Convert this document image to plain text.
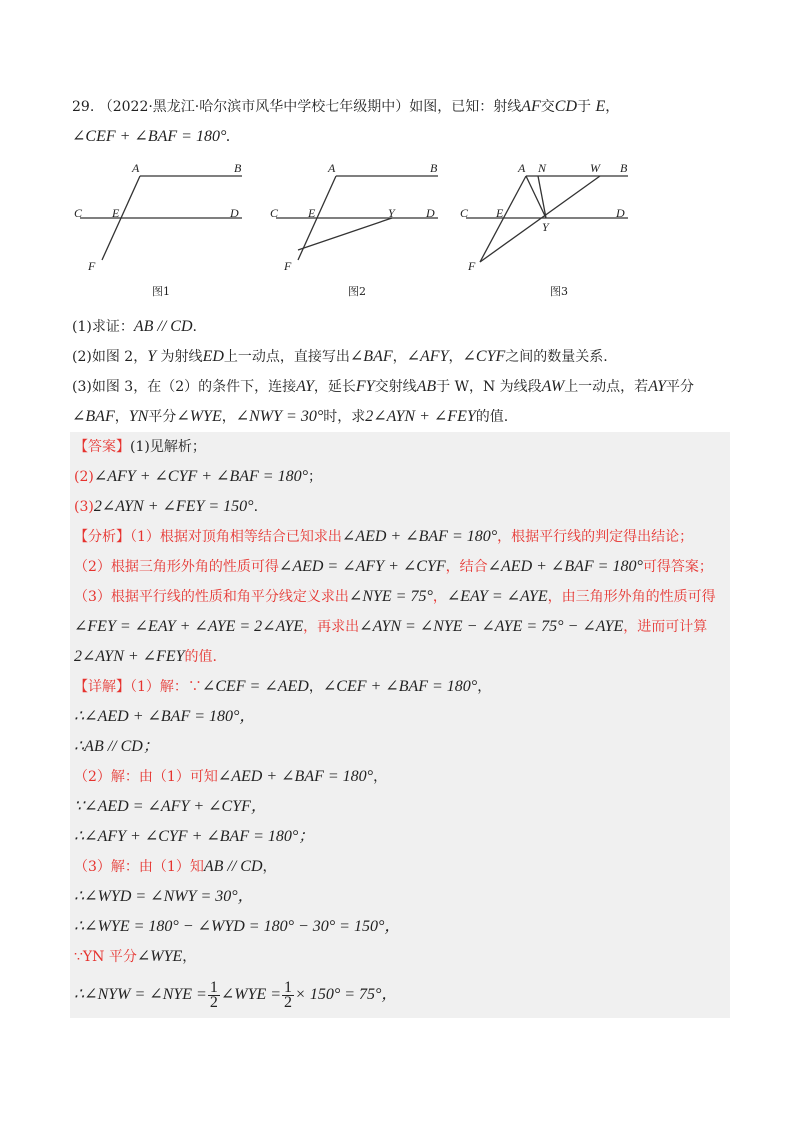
29. （2022·黑龙江·哈尔滨市风华中学校七年级期中）如图，已知：射线AF交CD于 E，
∠CEF + ∠BAF = 180°.
A	B
C E	D
F
图1
A	B
C E	Y	D
F
图2
A N	W B
C E
Y
D
F
图3
(1)求证：AB // CD.
(2)如图 2，Y 为射线ED上一动点，直接写出∠BAF，∠AFY，∠CYF之间的数量关系.
(3)如图 3，在（2）的条件下，连接AY，延长FY交射线AB于 W，N 为线段AW上一动点，若AY平分
∠BAF，YN平分∠WYE，∠NWY = 30°时，求2∠AYN + ∠FEY的值.
【答案】(1)见解析；
(2)∠AFY + ∠CYF + ∠BAF = 180°；
(3)2∠AYN + ∠FEY = 150°.
【分析】（1）根据对顶角相等结合已知求出∠AED + ∠BAF = 180°，根据平行线的判定得出结论；
（2）根据三角形外角的性质可得∠AED = ∠AFY + ∠CYF，结合∠AED + ∠BAF = 180°可得答案；
（3）根据平行线的性质和角平分线定义求出∠NYE = 75°，∠EAY = ∠AYE，由三角形外角的性质可得
∠FEY = ∠EAY + ∠AYE = 2∠AYE，再求出∠AYN = ∠NYE − ∠AYE = 75° − ∠AYE，进而可计算
2∠AYN + ∠FEY的值.
【详解】（1）解：∵∠CEF = ∠AED，∠CEF + ∠BAF = 180°，
∴∠AED + ∠BAF = 180°，
∴AB // CD；
（2）解：由（1）可知∠AED + ∠BAF = 180°，
∵∠AED = ∠AFY + ∠CYF，
∴∠AFY + ∠CYF + ∠BAF = 180°；
（3）解：由（1）知AB // CD，
∴∠WYD = ∠NWY = 30°，
∴∠WYE = 180° − ∠WYD = 180° − 30° = 150°，
∵YN 平分∠WYE，
∴∠NYW = ∠NYE = $\frac{1}{2}$ ∠WYE = $\frac{1}{2} \times 150^\circ = 75^\circ$，
